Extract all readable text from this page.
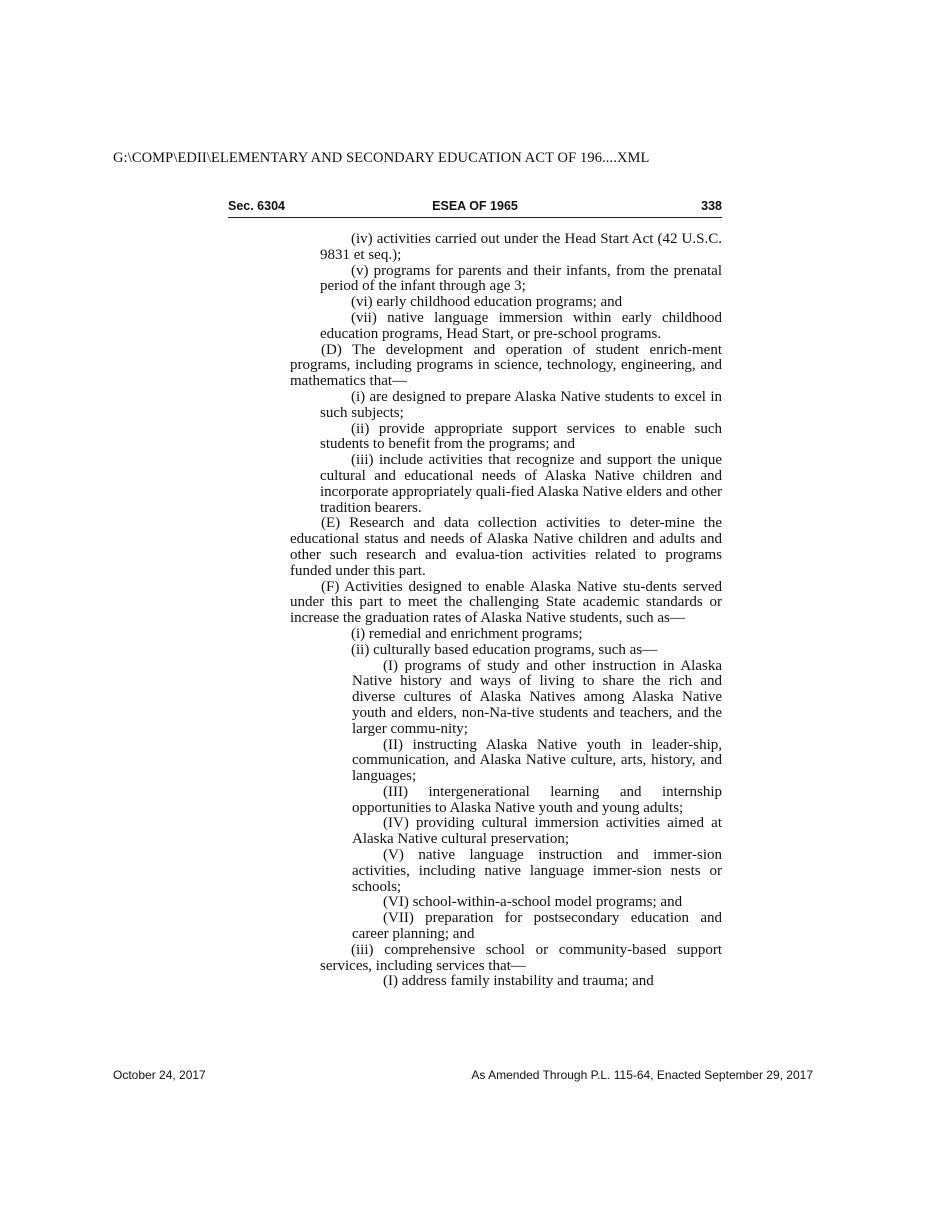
G:\COMP\EDII\ELEMENTARY AND SECONDARY EDUCATION ACT OF 196....XML
Sec. 6304	ESEA OF 1965	338

(iv) activities carried out under the Head Start Act (42 U.S.C. 9831 et seq.);

(v) programs for parents and their infants, from the prenatal period of the infant through age 3;

(vi) early childhood education programs; and

(vii) native language immersion within early childhood education programs, Head Start, or pre-school programs.

(D) The development and operation of student enrich-ment programs, including programs in science, technology, engineering, and mathematics that—

(i) are designed to prepare Alaska Native students to excel in such subjects;

(ii) provide appropriate support services to enable such students to benefit from the programs; and

(iii) include activities that recognize and support the unique cultural and educational needs of Alaska Native children and incorporate appropriately quali-fied Alaska Native elders and other tradition bearers.

(E) Research and data collection activities to deter-mine the educational status and needs of Alaska Native children and adults and other such research and evalua-tion activities related to programs funded under this part.

(F) Activities designed to enable Alaska Native stu-dents served under this part to meet the challenging State academic standards or increase the graduation rates of Alaska Native students, such as—

(i) remedial and enrichment programs;

(ii) culturally based education programs, such as—

(I) programs of study and other instruction in Alaska Native history and ways of living to share the rich and diverse cultures of Alaska Natives among Alaska Native youth and elders, non-Na-tive students and teachers, and the larger commu-nity;

(II) instructing Alaska Native youth in leader-ship, communication, and Alaska Native culture, arts, history, and languages;

(III) intergenerational learning and internship opportunities to Alaska Native youth and young adults;

(IV) providing cultural immersion activities aimed at Alaska Native cultural preservation;

(V) native language instruction and immer-sion activities, including native language immer-sion nests or schools;

(VI) school-within-a-school model programs; and

(VII) preparation for postsecondary education and career planning; and

(iii) comprehensive school or community-based support services, including services that—

(I) address family instability and trauma; and

October 24, 2017	As Amended Through P.L. 115-64, Enacted September 29, 2017
